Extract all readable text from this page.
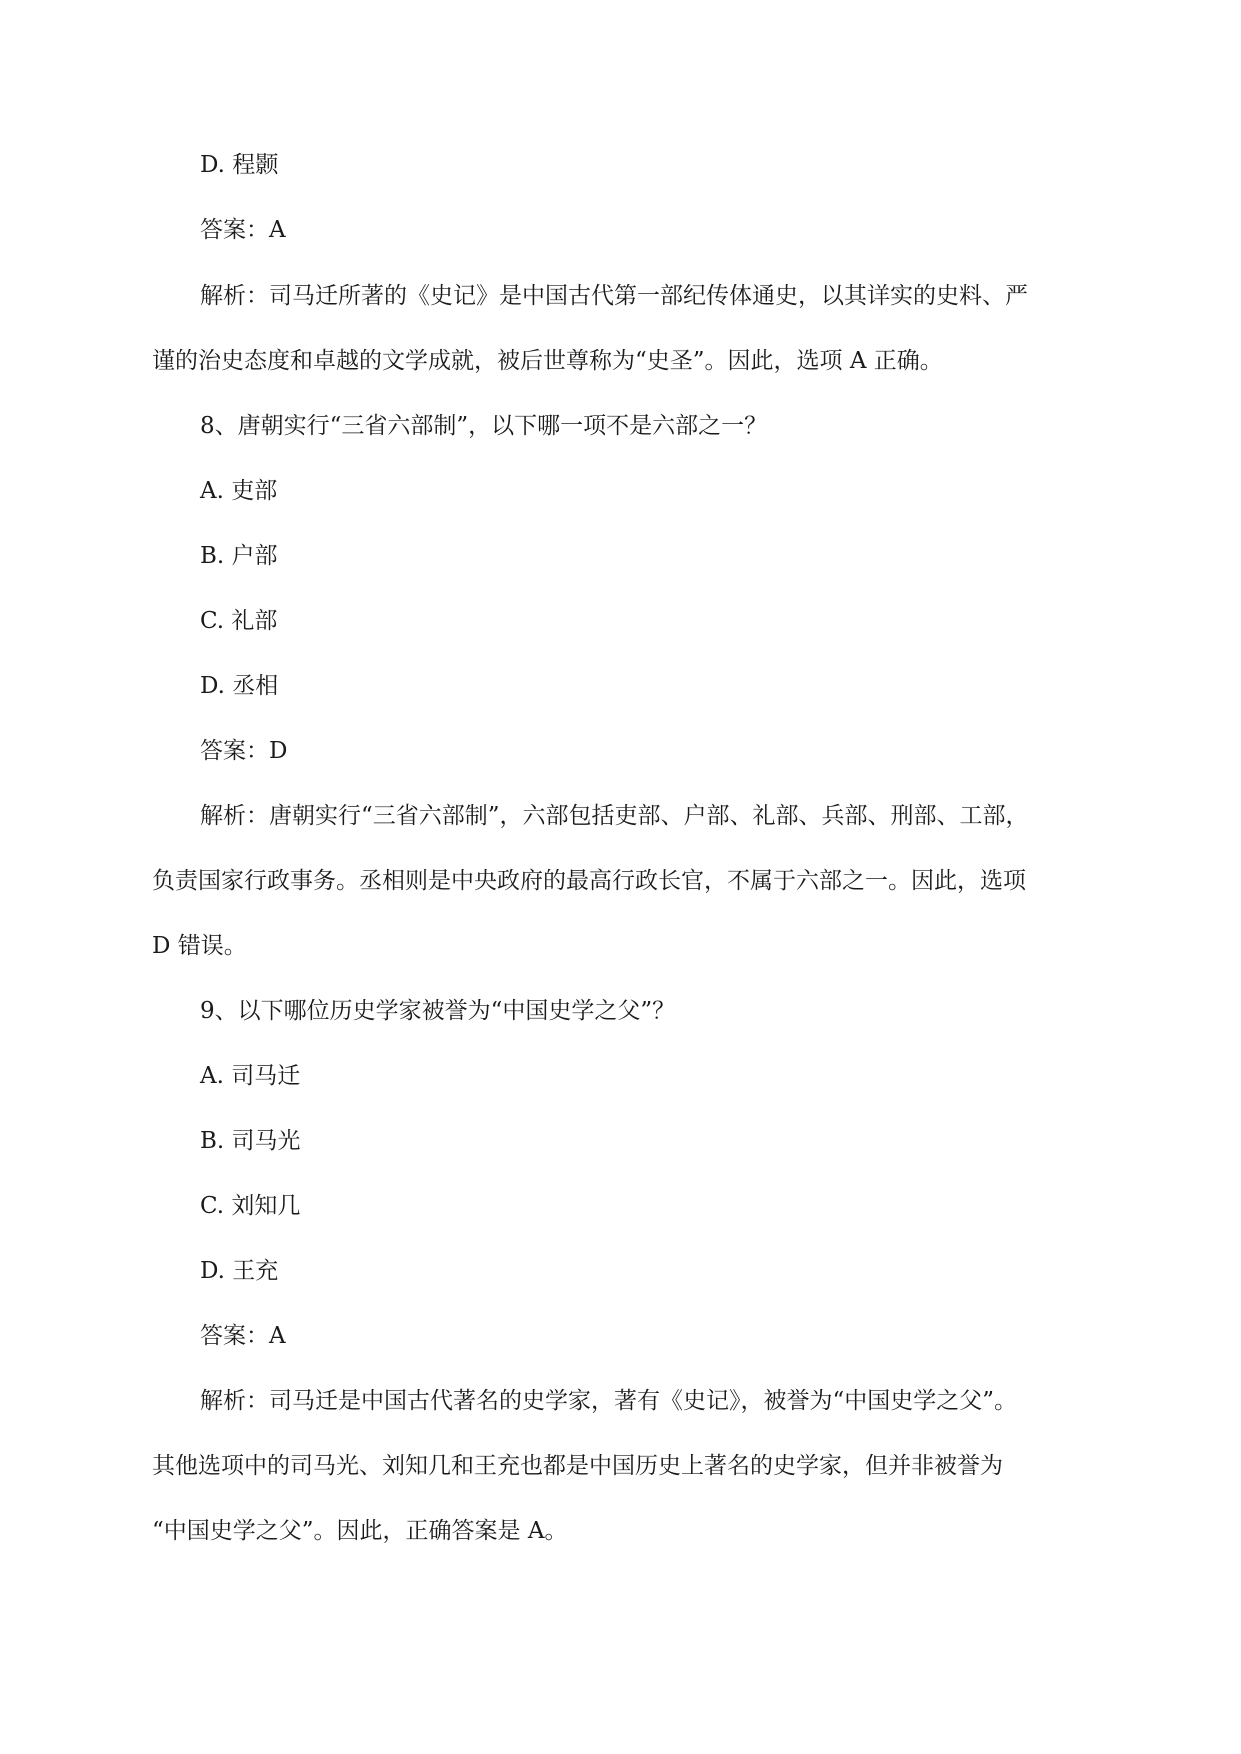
D. 程颢
答案：A
解析：司马迁所著的《史记》是中国古代第一部纪传体通史，以其详实的史料、严
谨的治史态度和卓越的文学成就，被后世尊称为“史圣”。因此，选项 A 正确。
8、唐朝实行“三省六部制”，以下哪一项不是六部之一？
A. 吏部
B. 户部
C. 礼部
D. 丞相
答案：D
解析：唐朝实行“三省六部制”，六部包括吏部、户部、礼部、兵部、刑部、工部，
负责国家行政事务。丞相则是中央政府的最高行政长官，不属于六部之一。因此，选项
D 错误。
9、以下哪位历史学家被誉为“中国史学之父”？
A. 司马迁
B. 司马光
C. 刘知几
D. 王充
答案：A
解析：司马迁是中国古代著名的史学家，著有《史记》，被誉为“中国史学之父”。
其他选项中的司马光、刘知几和王充也都是中国历史上著名的史学家，但并非被誉为
“中国史学之父”。因此，正确答案是 A。
